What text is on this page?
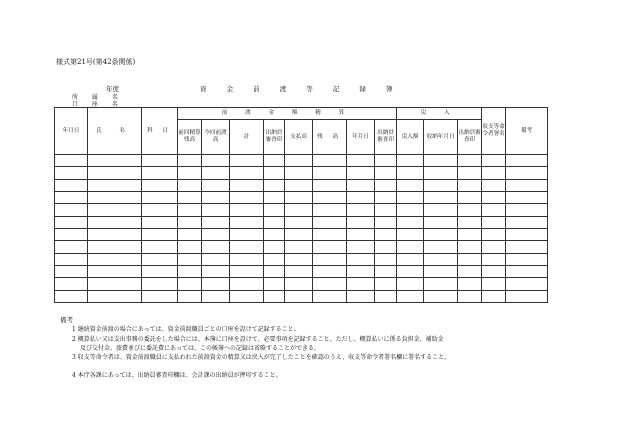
様式第21号(第42条関係)
年度	資 金 前 渡 等 記 録 簿
所 属 名
口 座 名
年月日	氏 名	科 目	前 渡 金 額 精 算								戻 入			収支等命令者署名	備考
			前回精算残高	今回前渡高	計	出納員審査印	支払高	残 高	年月日	出納員審査印	戻入額	収納年月日	出納員審査印		

備考
1 継続資金前渡の場合にあっては、資金前渡職員ごとの口座を設けて記録すること。
2 概算払い又は支出事務の委託をした場合には、本簿に口座を設けて、必要事項を記録すること。ただし、概算払いに係る負担金、補助金
及び交付金、旅費並びに委託費にあっては、この帳簿への記録は省略することができる。
3 収支等命令者は、資金前渡職員に支払われた前渡資金の精算又は戻入が完了したことを確認のうえ、収支等命令者署名欄に署名すること。
4 本庁各課にあっては、出納員審査印欄は、会計課の出納員が押印すること。
